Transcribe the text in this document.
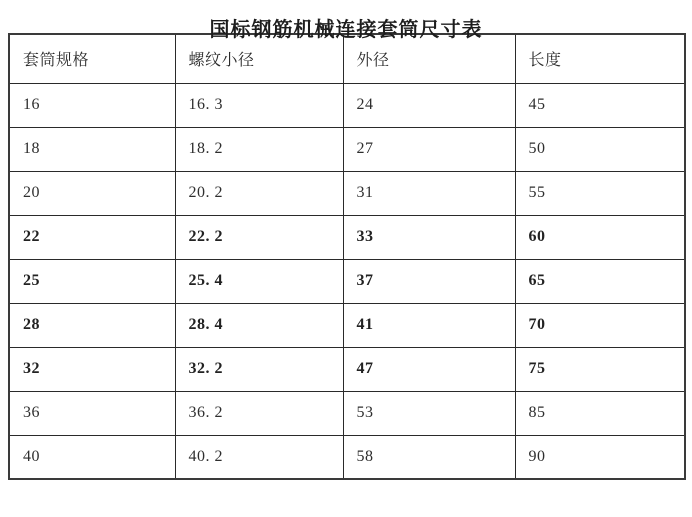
国标钢筋机械连接套筒尺寸表
套筒规格	螺纹小径	外径	长度
16	16. 3	24	45
18	18. 2	27	50
20	20. 2	31	55
22	22. 2	33	60
25	25. 4	37	65
28	28. 4	41	70
32	32. 2	47	75
36	36. 2	53	85
40	40. 2	58	90
